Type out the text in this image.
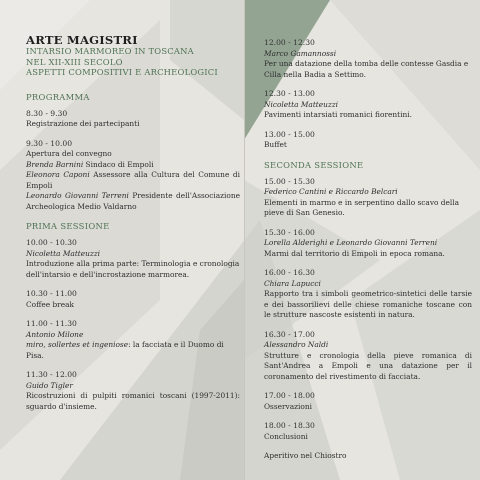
ARTE MAGISTRI
INTARSIO MARMOREO IN TOSCANA
NEL XII-XIII SECOLO
ASPETTI COMPOSITIVI E ARCHEOLOGICI
PROGRAMMA
8.30 - 9.30
Registrazione dei partecipanti
9.30 - 10.00
Apertura del convegno
Brenda Barnini Sindaco di Empoli
Eleonora Caponi Assessore alla Cultura del Comune di Empoli
Leonardo Giovanni Terreni Presidente dell'Associazione Archeologica Medio Valdarno
PRIMA SESSIONE
10.00 - 10.30
Nicoletta Matteuzzi
Introduzione alla prima parte: Terminologia e cronologia dell'intarsio e dell'incrostazione marmorea.
10.30 - 11.00
Coffee break
11.00 - 11.30
Antonio Milone
miro, sollertes et ingeniose: la facciata e il Duomo di Pisa.
11.30 - 12.00
Guido Tigler
Ricostruzioni di pulpiti romanici toscani (1997-2011): sguardo d'insieme.
12.00 - 12.30
Marco Gamannossi
Per una datazione della tomba delle contesse Gasdia e Cilla nella Badia a Settimo.
12.30 - 13.00
Nicoletta Matteuzzi
Pavimenti intarsiati romanici fiorentini.
13.00 - 15.00
Buffet
SECONDA SESSIONE
15.00 - 15.30
Federico Cantini e Riccardo Belcari
Elementi in marmo e in serpentino dallo scavo della pieve di San Genesio.
15.30 - 16.00
Lorella Alderighi e Leonardo Giovanni Terreni
Marmi dal territorio di Empoli in epoca romana.
16.00 - 16.30
Chiara Lapucci
Rapporto tra i simboli geometrico-sintetici delle tarsie e dei bassorilievi delle chiese romaniche toscane con le strutture nascoste esistenti in natura.
16.30 - 17.00
Alessandro Naldi
Strutture e cronologia della pieve romanica di Sant'Andrea a Empoli e una datazione per il coronamento del rivestimento di facciata.
17.00 - 18.00
Osservazioni
18.00 - 18.30
Conclusioni
Aperitivo nel Chiostro
